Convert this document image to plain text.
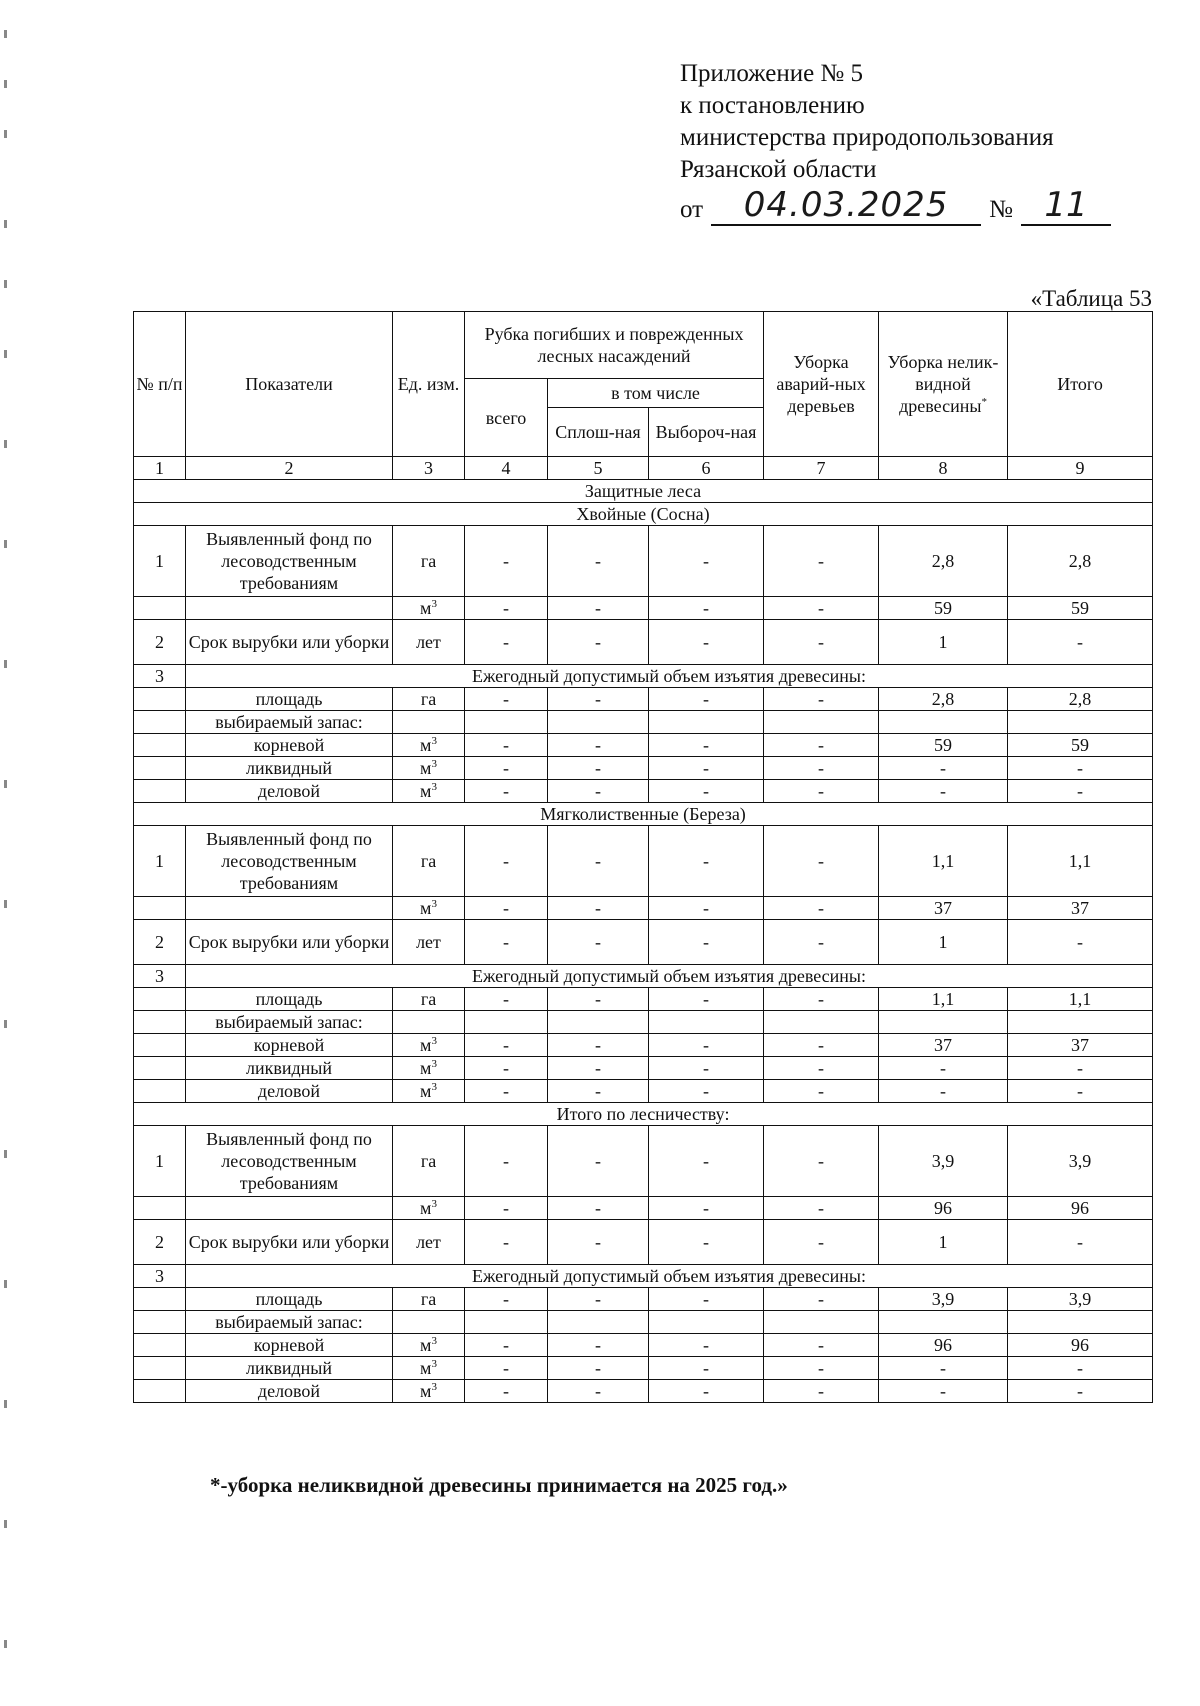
Приложение № 5
к постановлению
министерства природопользования
Рязанской области
от	04.03.2025	№ 11
«Таблица 53
№ п/п	Показатели	Ед. изм.	Рубка погибших и поврежденных лесных насаждений			Уборка аварий-ных деревьев	Уборка нелик-видной древесины*	Итого
			всего	в том числе				
				Сплош-ная	Выбороч-ная			
1	2	3	4	5	6	7	8	9
Защитные леса								
Хвойные (Сосна)								
1	Выявленный фонд по лесоводственным требованиям	га	-	-	-	-	2,8	2,8
		$м^3$	-	-	-	-	59	59
2	Срок вырубки или уборки	лет	-	-	-	-	1	-
3	Ежегодный допустимый объем изъятия древесины:							
	площадь	га	-	-	-	-	2,8	2,8
	выбираемый запас:							
	корневой	$м^3$	-	-	-	-	59	59
	ликвидный	$м^3$	-	-	-	-	-	-
	деловой	$м^3$	-	-	-	-	-	-
Мягколиственные (Береза)								
1	Выявленный фонд по лесоводственным требованиям	га	-	-	-	-	1,1	1,1
		$м^3$	-	-	-	-	37	37
2	Срок вырубки или уборки	лет	-	-	-	-	1	-
3	Ежегодный допустимый объем изъятия древесины:							
	площадь	га	-	-	-	-	1,1	1,1
	выбираемый запас:							
	корневой	$м^3$	-	-	-	-	37	37
	ликвидный	$м^3$	-	-	-	-	-	-
	деловой	$м^3$	-	-	-	-	-	-
Итого по лесничеству:								
1	Выявленный фонд по лесоводственным требованиям	га	-	-	-	-	3,9	3,9
		$м^3$	-	-	-	-	96	96
2	Срок вырубки или уборки	лет	-	-	-	-	1	-
3	Ежегодный допустимый объем изъятия древесины:							
	площадь	га	-	-	-	-	3,9	3,9
	выбираемый запас:							
	корневой	$м^3$	-	-	-	-	96	96
	ликвидный	$м^3$	-	-	-	-	-	-
	деловой	$м^3$	-	-	-	-	-	-
*-уборка неликвидной древесины принимается на 2025 год.»
